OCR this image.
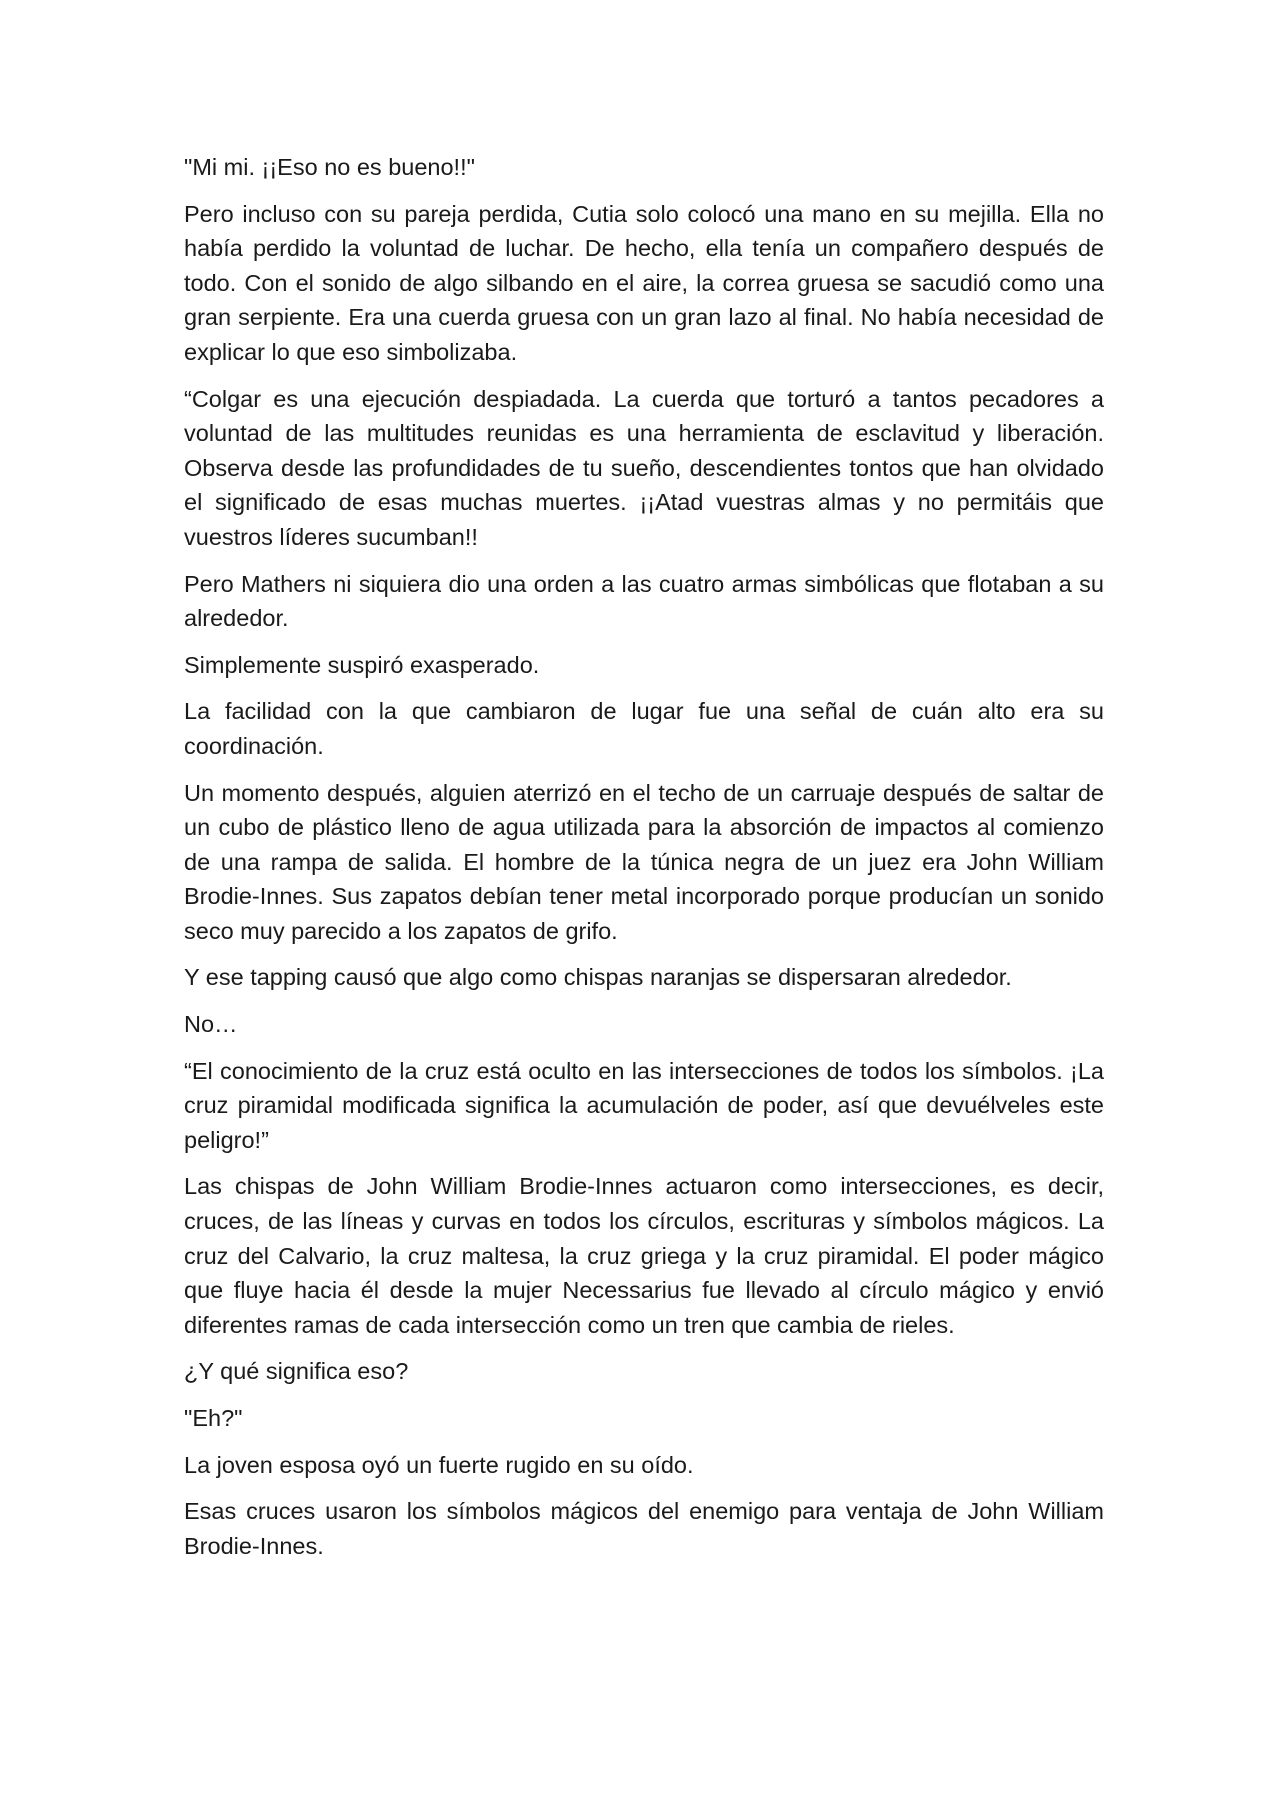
"Mi mi. ¡¡Eso no es bueno!!"

Pero incluso con su pareja perdida, Cutia solo colocó una mano en su mejilla. Ella no había perdido la voluntad de luchar. De hecho, ella tenía un compañero después de todo. Con el sonido de algo silbando en el aire, la correa gruesa se sacudió como una gran serpiente. Era una cuerda gruesa con un gran lazo al final. No había necesidad de explicar lo que eso simbolizaba.

“Colgar es una ejecución despiadada. La cuerda que torturó a tantos pecadores a voluntad de las multitudes reunidas es una herramienta de esclavitud y liberación. Observa desde las profundidades de tu sueño, descendientes tontos que han olvidado el significado de esas muchas muertes. ¡¡Atad vuestras almas y no permitáis que vuestros líderes sucumban!!

Pero Mathers ni siquiera dio una orden a las cuatro armas simbólicas que flotaban a su alrededor.

Simplemente suspiró exasperado.

La facilidad con la que cambiaron de lugar fue una señal de cuán alto era su coordinación.

Un momento después, alguien aterrizó en el techo de un carruaje después de saltar de un cubo de plástico lleno de agua utilizada para la absorción de impactos al comienzo de una rampa de salida. El hombre de la túnica negra de un juez era John William Brodie-Innes. Sus zapatos debían tener metal incorporado porque producían un sonido seco muy parecido a los zapatos de grifo.

Y ese tapping causó que algo como chispas naranjas se dispersaran alrededor.

No…

“El conocimiento de la cruz está oculto en las intersecciones de todos los símbolos. ¡La cruz piramidal modificada significa la acumulación de poder, así que devuélveles este peligro!”

Las chispas de John William Brodie-Innes actuaron como intersecciones, es decir, cruces, de las líneas y curvas en todos los círculos, escrituras y símbolos mágicos. La cruz del Calvario, la cruz maltesa, la cruz griega y la cruz piramidal. El poder mágico que fluye hacia él desde la mujer Necessarius fue llevado al círculo mágico y envió diferentes ramas de cada intersección como un tren que cambia de rieles.

¿Y qué significa eso?

"Eh?"

La joven esposa oyó un fuerte rugido en su oído.

Esas cruces usaron los símbolos mágicos del enemigo para ventaja de John William Brodie-Innes.
